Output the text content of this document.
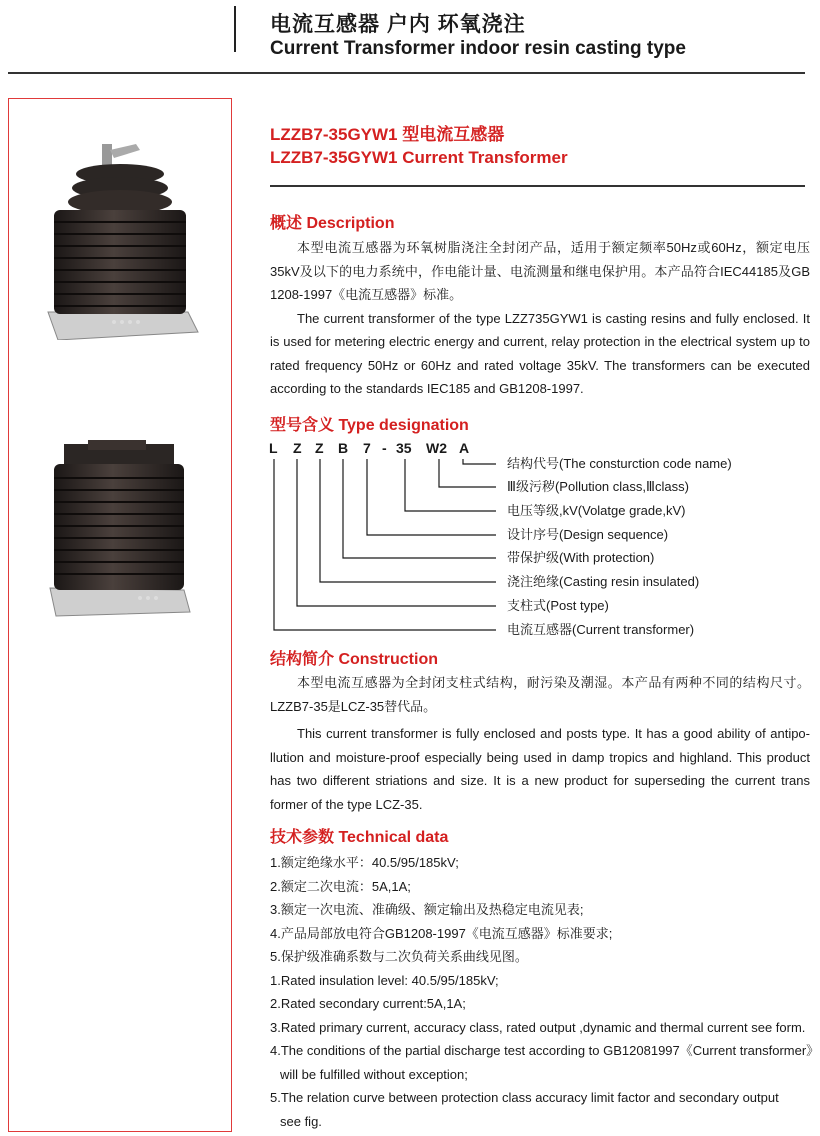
电流互感器 户内 环氧浇注
Current Transformer indoor resin casting type
LZZB7-35GYW1 型电流互感器
LZZB7-35GYW1 Current Transformer
概述 Description

本型电流互感器为环氧树脂浇注全封闭产品，适用于额定频率50Hz或60Hz，额定电压35kV及以下的电力系统中，作电能计量、电流测量和继电保护用。本产品符合IEC44185及GB 1208-1997《电流互感器》标准。

The current transformer of the type LZZ735GYW1 is casting resins and fully enclosed. It is used for metering electric energy and current, relay protection in the electrical system up to rated frequency 50Hz or 60Hz and rated voltage 35kV. The transformers can be executed according to the standards IEC185 and GB1208-1997.

型号含义 Type designation
L Z Z B 7 - 35 W2 A
结构代号(The consturction code name)
Ⅲ级污秽(Pollution class,Ⅲclass)
电压等级,kV(Volatge grade,kV)
设计序号(Design sequence)
带保护级(With protection)
浇注绝缘(Casting resin insulated)
支柱式(Post type)
电流互感器(Current transformer)
结构简介 Construction

本型电流互感器为全封闭支柱式结构，耐污染及潮湿。本产品有两种不同的结构尺寸。LZZB7-35是LCZ-35替代品。

This current transformer is fully enclosed and posts type. It has a good ability of antipo-llution and moisture-proof especially being used in damp tropics and highland. This product has two different striations and size. It is a new product for superseding the current trans former of the type LCZ-35.

技术参数 Technical data
1.额定绝缘水平：40.5/95/185kV;
2.额定二次电流：5A,1A;
3.额定一次电流、准确级、额定输出及热稳定电流见表;
4.产品局部放电符合GB1208-1997《电流互感器》标准要求;
5.保护级准确系数与二次负荷关系曲线见图。
1.Rated insulation level: 40.5/95/185kV;
2.Rated secondary current:5A,1A;
3.Rated primary current, accuracy class, rated output ,dynamic and thermal current see form.
4.The conditions of the partial discharge test according to GB12081997《Current transformer》
will be fulfilled without exception;
5.The relation curve between protection class accuracy limit factor and secondary output
see fig.
